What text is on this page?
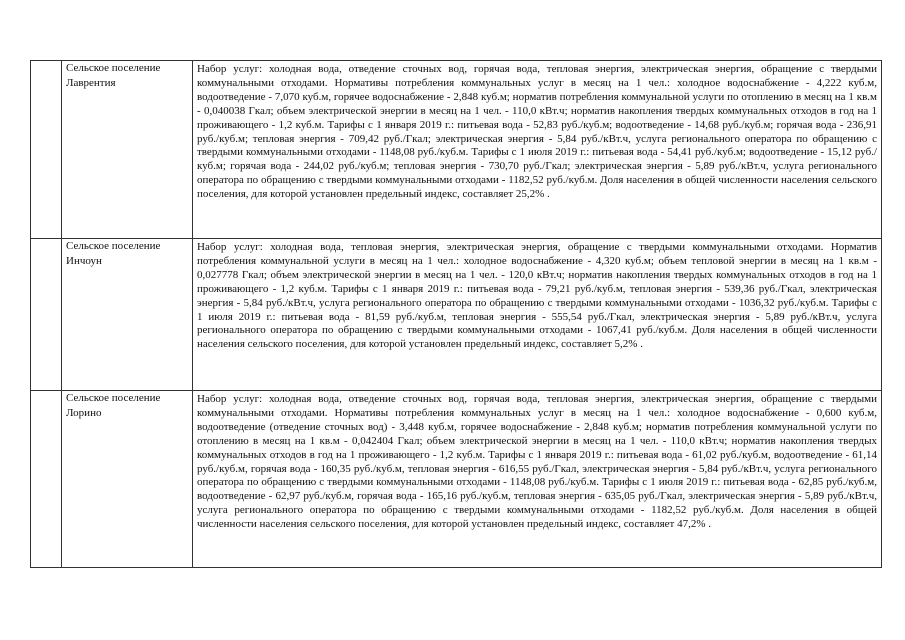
	Сельское поселение Лаврентия	Набор услуг: холодная вода, отведение сточных вод, горячая вода, тепловая энергия, электрическая энергия, обращение с твердыми коммунальными отходами. Нормативы потребления коммунальных услуг в месяц на 1 чел.: холодное водоснабжение - 4,222 куб.м, водоотведение - 7,070 куб.м, горячее водоснабжение - 2,848 куб.м; норматив потребления коммунальной услуги по отоплению в месяц на 1 кв.м - 0,040038 Гкал; объем электрической энергии в месяц на 1 чел. - 110,0 кВт.ч; норматив накопления твердых коммунальных отходов в год на 1 проживающего - 1,2 куб.м. Тарифы с 1 января 2019 г.: питьевая вода - 52,83 руб./куб.м; водоотведение - 14,68 руб./куб.м; горячая вода - 236,91 руб./куб.м; тепловая энергия - 709,42 руб./Гкал; электрическая энергия - 5,84 руб./кВт.ч, услуга регионального оператора по обращению с твердыми коммунальными отходами - 1148,08 руб./куб.м. Тарифы с 1 июля 2019 г.: питьевая вода - 54,41 руб./куб.м; водоотведение - 15,12 руб./куб.м; горячая вода - 244,02 руб./куб.м; тепловая энергия - 730,70 руб./Гкал; электрическая энергия - 5,89 руб./кВт.ч, услуга регионального оператора по обращению с твердыми коммунальными отходами - 1182,52 руб./куб.м. Доля населения в общей численности населения сельского поселения, для которой установлен предельный индекс, составляет 25,2% .

	Сельское поселение Инчоун	Набор услуг: холодная вода, тепловая энергия, электрическая энергия, обращение с твердыми коммунальными отходами. Норматив потребления коммунальной услуги в месяц на 1 чел.: холодное водоснабжение - 4,320 куб.м; объем тепловой энергии в месяц на 1 кв.м - 0,027778 Гкал; объем электрической энергии в месяц на 1 чел. - 120,0 кВт.ч; норматив накопления твердых коммунальных отходов в год на 1 проживающего - 1,2 куб.м. Тарифы с 1 января 2019 г.: питьевая вода - 79,21 руб./куб.м, тепловая энергия - 539,36 руб./Гкал, электрическая энергия - 5,84 руб./кВт.ч, услуга регионального оператора по обращению с твердыми коммунальными отходами - 1036,32 руб./куб.м. Тарифы с 1 июля 2019 г.: питьевая вода - 81,59 руб./куб.м, тепловая энергия - 555,54 руб./Гкал, электрическая энергия - 5,89 руб./кВт.ч, услуга регионального оператора по обращению с твердыми коммунальными отходами - 1067,41 руб./куб.м. Доля населения в общей численности населения сельского поселения, для которой установлен предельный индекс, составляет 5,2% .

	Сельское поселение Лорино	Набор услуг: холодная вода, отведение сточных вод, горячая вода, тепловая энергия, электрическая энергия, обращение с твердыми коммунальными отходами. Нормативы потребления коммунальных услуг в месяц на 1 чел.: холодное водоснабжение - 0,600 куб.м, водоотведение (отведение сточных вод) - 3,448 куб.м, горячее водоснабжение - 2,848 куб.м; норматив потребления коммунальной услуги по отоплению в месяц на 1 кв.м - 0,042404 Гкал; объем электрической энергии в месяц на 1 чел. - 110,0 кВт.ч; норматив накопления твердых коммунальных отходов в год на 1 проживающего - 1,2 куб.м. Тарифы с 1 января 2019 г.: питьевая вода - 61,02 руб./куб.м, водоотведение - 61,14 руб./куб.м, горячая вода - 160,35 руб./куб.м, тепловая энергия - 616,55 руб./Гкал, электрическая энергия - 5,84 руб./кВт.ч, услуга регионального оператора по обращению с твердыми коммунальными отходами - 1148,08 руб./куб.м. Тарифы с 1 июля 2019 г.: питьевая вода - 62,85 руб./куб.м, водоотведение - 62,97 руб./куб.м, горячая вода - 165,16 руб./куб.м, тепловая энергия - 635,05 руб./Гкал, электрическая энергия - 5,89 руб./кВт.ч, услуга регионального оператора по обращению с твердыми коммунальными отходами - 1182,52 руб./куб.м. Доля населения в общей численности населения сельского поселения, для которой установлен предельный индекс, составляет 47,2% .
